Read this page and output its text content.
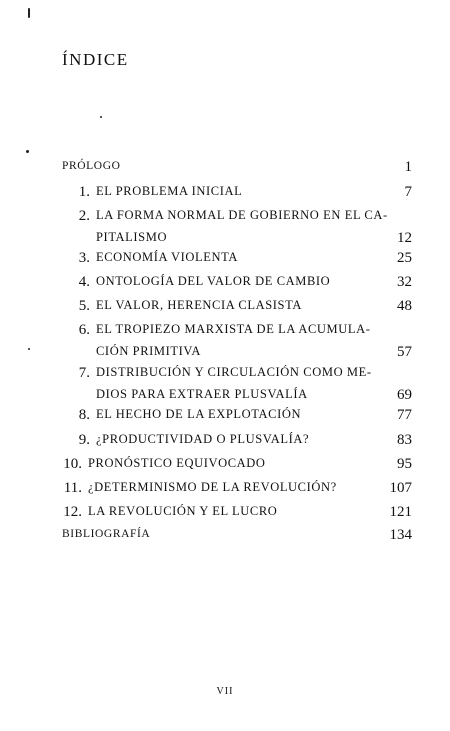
ÍNDICE
PRÓLOGO	1
1. EL PROBLEMA INICIAL	7
2. LA FORMA NORMAL DE GOBIERNO EN EL CA-
PITALISMO	12
3. ECONOMÍA VIOLENTA	25
4. ONTOLOGÍA DEL VALOR DE CAMBIO	32
5. EL VALOR, HERENCIA CLASISTA	48
6. EL TROPIEZO MARXISTA DE LA ACUMULA-
CIÓN PRIMITIVA	57
7. DISTRIBUCIÓN Y CIRCULACIÓN COMO ME-
DIOS PARA EXTRAER PLUSVALÍA	69
8. EL HECHO DE LA EXPLOTACIÓN	77
9. ¿PRODUCTIVIDAD O PLUSVALÍA?	83
10. PRONÓSTICO EQUIVOCADO	95
11. ¿DETERMINISMO DE LA REVOLUCIÓN?	107
12. LA REVOLUCIÓN Y EL LUCRO	121
BIBLIOGRAFÍA	134
VII
